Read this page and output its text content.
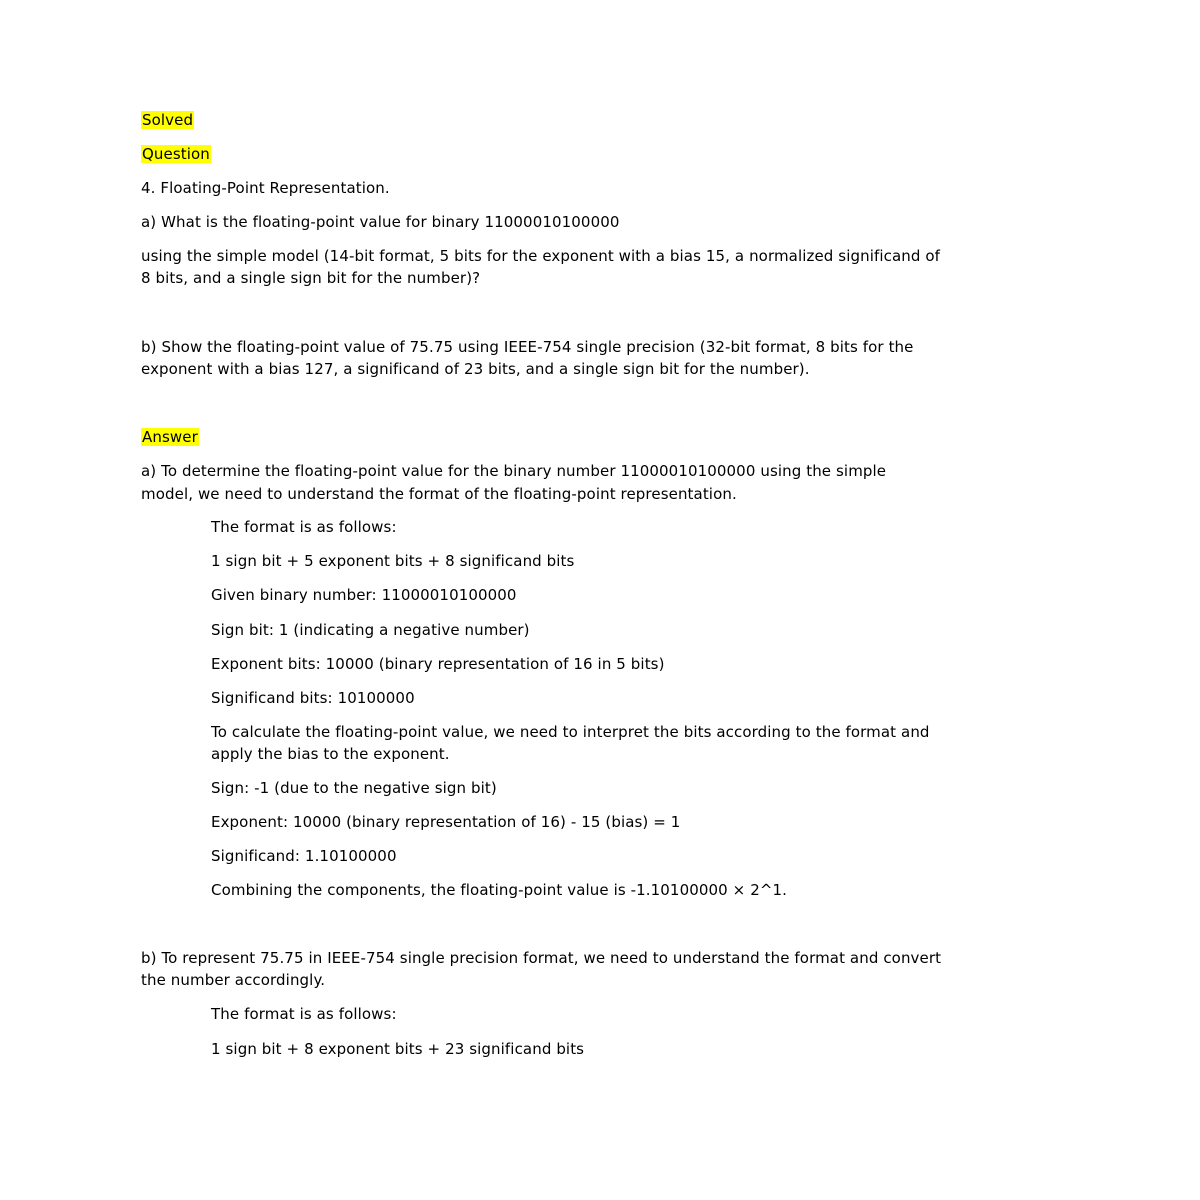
Solved
Question
4. Floating-Point Representation.
a) What is the floating-point value for binary 11000010100000
using the simple model (14-bit format, 5 bits for the exponent with a bias 15, a normalized significand of
8 bits, and a single sign bit for the number)?
b) Show the floating-point value of 75.75 using IEEE-754 single precision (32-bit format, 8 bits for the
exponent with a bias 127, a significand of 23 bits, and a single sign bit for the number).
Answer
a) To determine the floating-point value for the binary number 11000010100000 using the simple
model, we need to understand the format of the floating-point representation.
The format is as follows:
1 sign bit + 5 exponent bits + 8 significand bits
Given binary number: 11000010100000
Sign bit: 1 (indicating a negative number)
Exponent bits: 10000 (binary representation of 16 in 5 bits)
Significand bits: 10100000
To calculate the floating-point value, we need to interpret the bits according to the format and
apply the bias to the exponent.
Sign: -1 (due to the negative sign bit)
Exponent: 10000 (binary representation of 16) - 15 (bias) = 1
Significand: 1.10100000
Combining the components, the floating-point value is -1.10100000 × 2^1.
b) To represent 75.75 in IEEE-754 single precision format, we need to understand the format and convert
the number accordingly.
The format is as follows:
1 sign bit + 8 exponent bits + 23 significand bits
